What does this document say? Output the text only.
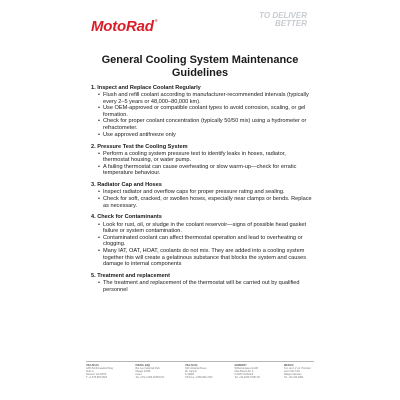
MotoRad®
TO DELIVER
BETTER
General Cooling System Maintenance Guidelines
1. Inspect and Replace Coolant Regularly
• Flush and refill coolant according to manufacturer-recommended intervals (typically every 2–5 years or 48,000–80,000 km).
• Use OEM-approved or compatible coolant types to avoid corrosion, scaling, or gel formation.
• Check for proper coolant concentration (typically 50/50 mix) using a hydrometer or refractometer.
• Use approved antifreeze only
2. Pressure Test the Cooling System
• Perform a cooling system pressure test to identify leaks in hoses, radiator, thermostat housing, or water pump.
• A failing thermostat can cause overheating or slow warm-up—check for erratic temperature behaviour.
3. Radiator Cap and Hoses
• Inspect radiator and overflow caps for proper pressure rating and sealing.
• Check for soft, cracked, or swollen hoses, especially near clamps or bends. Replace as necessary.
4. Check for Contaminants
• Look for rust, oil, or sludge in the coolant reservoir—signs of possible head gasket failure or system contamination.
• Contaminated coolant can affect thermostat operation and lead to overheating or clogging.
• Many IAT, OAT, HOAT, coolants do not mix. They are added into a cooling system together this will create a gelatinous substance that blocks the system and causes damage to internal components
5. Treatment and replacement
• The treatment and replacement of the thermostat will be carried out by qualified personnel
USA (NAO)
1250 Northmeadow Pkwy
Suite A
Roswell, GA 30076
T: +1-678-566-0823
ISRAEL (HQ)
Bar Lev Industrial Park
Misgav 20156
Israel
Tel: +972-4-999-3038/3474
USA (SAO)
300 Industrial Street
Mt. Carmel
IL 62863
Toll Free: 1-866-882-4742
GERMANY
Wilhelmstrasse GmbH
Max-Planck-Str. 6
D-50374 Erftstadt
Tel: +49-2235-79487-00
MEXICO
S.A. de C.V. Av. Principal
Lote 6 Mz 9 #2
Milagro Allendes
Tel: +52-442-8484
